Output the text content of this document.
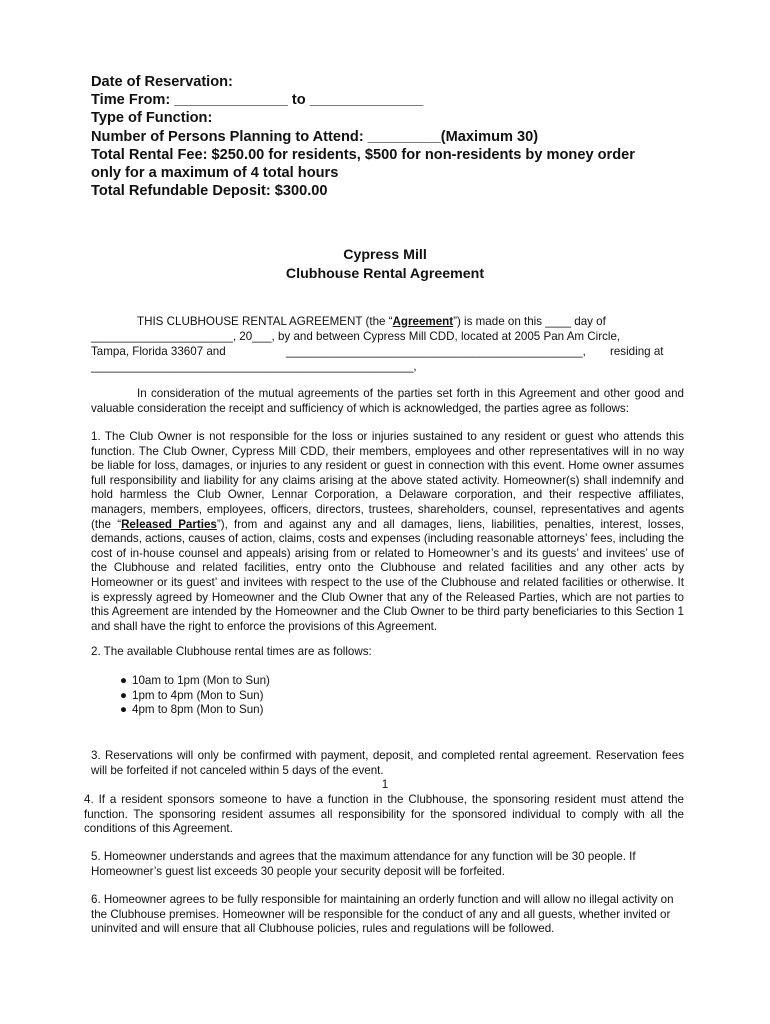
Date of Reservation:
Time From: ______________ to ______________
Type of Function:
Number of Persons Planning to Attend: _________(Maximum 30)
Total Rental Fee: $250.00 for residents, $500 for non-residents by money order
only for a maximum of 4 total hours
Total Refundable Deposit: $300.00
Cypress Mill
Clubhouse Rental Agreement
THIS CLUBHOUSE RENTAL AGREEMENT (the “Agreement”) is made on this ____ day of
______________________, 20___, by and between Cypress Mill CDD, located at 2005 Pan Am Circle,
Tampa, Florida 33607 and	______________________________________________, residing at
__________________________________________________,
In consideration of the mutual agreements of the parties set forth in this Agreement and other good and valuable consideration the receipt and sufficiency of which is acknowledged, the parties agree as follows:
1. The Club Owner is not responsible for the loss or injuries sustained to any resident or guest who attends this function. The Club Owner, Cypress Mill CDD, their members, employees and other representatives will in no way be liable for loss, damages, or injuries to any resident or guest in connection with this event. Home owner assumes full responsibility and liability for any claims arising at the above stated activity. Homeowner(s) shall indemnify and hold harmless the Club Owner, Lennar Corporation, a Delaware corporation, and their respective affiliates, managers, members, employees, officers, directors, trustees, shareholders, counsel, representatives and agents (the “Released Parties”), from and against any and all damages, liens, liabilities, penalties, interest, losses, demands, actions, causes of action, claims, costs and expenses (including reasonable attorneys’ fees, including the cost of in-house counsel and appeals) arising from or related to Homeowner’s and its guests’ and invitees’ use of the Clubhouse and related facilities, entry onto the Clubhouse and related facilities and any other acts by Homeowner or its guest’ and invitees with respect to the use of the Clubhouse and related facilities or otherwise. It is expressly agreed by Homeowner and the Club Owner that any of the Released Parties, which are not parties to this Agreement are intended by the Homeowner and the Club Owner to be third party beneficiaries to this Section 1 and shall have the right to enforce the provisions of this Agreement.
2. The available Clubhouse rental times are as follows:
● 10am to 1pm (Mon to Sun)
● 1pm to 4pm (Mon to Sun)
● 4pm to 8pm (Mon to Sun)
3. Reservations will only be confirmed with payment, deposit, and completed rental agreement. Reservation fees will be forfeited if not canceled within 5 days of the event.
1
4. If a resident sponsors someone to have a function in the Clubhouse, the sponsoring resident must attend the function. The sponsoring resident assumes all responsibility for the sponsored individual to comply with all the conditions of this Agreement.
5. Homeowner understands and agrees that the maximum attendance for any function will be 30 people. If Homeowner’s guest list exceeds 30 people your security deposit will be forfeited.
6. Homeowner agrees to be fully responsible for maintaining an orderly function and will allow no illegal activity on the Clubhouse premises. Homeowner will be responsible for the conduct of any and all guests, whether invited or uninvited and will ensure that all Clubhouse policies, rules and regulations will be followed.
